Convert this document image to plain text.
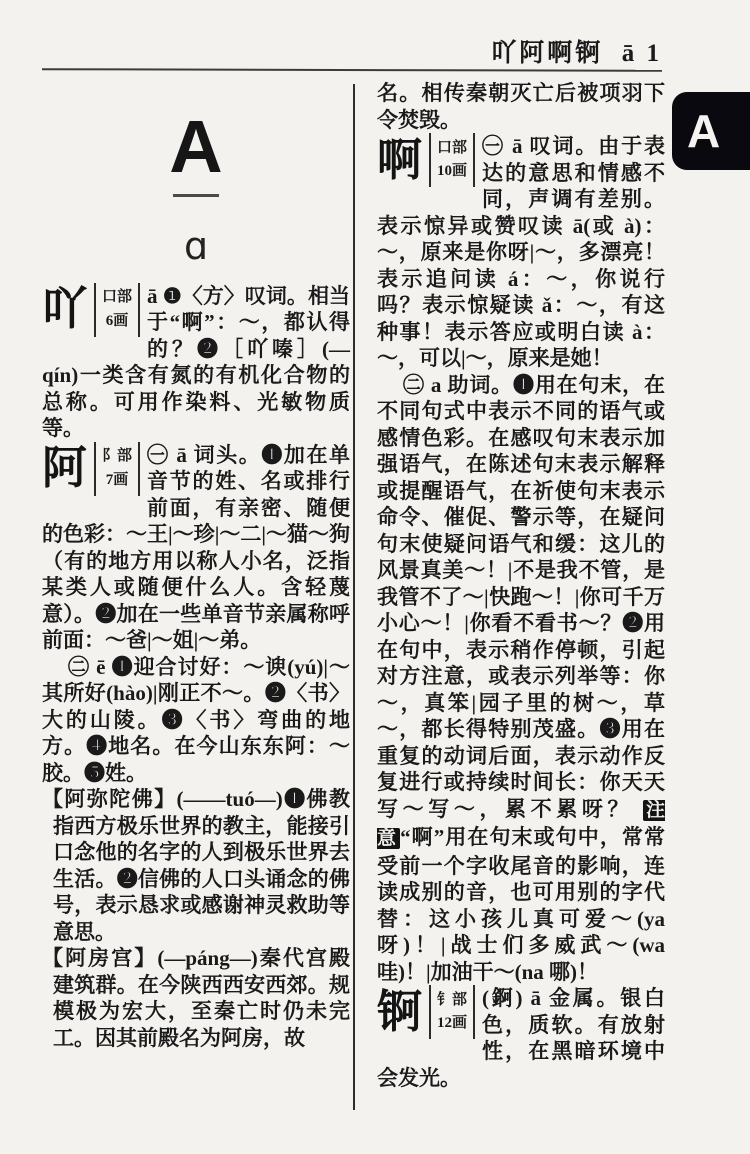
吖阿啊锕  ā 1
A
A
ɑ
吖 口部
6画

ā ❶〈方〉叹词。相当于“啊”：～，都认得的？❷［吖嗪］(—qín)一类含有氮的有机化合物的总称。可用作染料、光敏物质等。

阿 阝部
7画

㊀ ā 词头。❶加在单音节的姓、名或排行前面，有亲密、随便的色彩：～王|～珍|～二|～猫～狗（有的地方用以称人小名，泛指某类人或随便什么人。含轻蔑意）。❷加在一些单音节亲属称呼前面：～爸|～姐|～弟。

㊁ ē ❶迎合讨好：～谀(yú)|～其所好(hào)|刚正不～。❷〈书〉大的山陵。❸〈书〉弯曲的地方。❹地名。在今山东东阿：～胶。❺姓。

【阿弥陀佛】(——tuó—)❶佛教指西方极乐世界的教主，能接引口念他的名字的人到极乐世界去生活。❷信佛的人口头诵念的佛号，表示恳求或感谢神灵救助等意思。

【阿房宫】(—páng—)秦代宫殿建筑群。在今陕西西安西郊。规模极为宏大，至秦亡时仍未完工。因其前殿名为阿房，故

名。相传秦朝灭亡后被项羽下令焚毁。

啊 口部
10画

㊀ ā 叹词。由于表达的意思和情感不同，声调有差别。表示惊异或赞叹读 ā(或 à)：～，原来是你呀|～，多漂亮！表示追问读 á：～，你说行吗？表示惊疑读 ǎ：～，有这种事！表示答应或明白读 à：～，可以|～，原来是她！

㊁ a 助词。❶用在句末，在不同句式中表示不同的语气或感情色彩。在感叹句末表示加强语气，在陈述句末表示解释或提醒语气，在祈使句末表示命令、催促、警示等，在疑问句末使疑问语气和缓：这儿的风景真美～！|不是我不管，是我管不了～|快跑～！|你可千万小心～！|你看不看书～？❷用在句中，表示稍作停顿，引起对方注意，或表示列举等：你～，真笨|园子里的树～，草～，都长得特别茂盛。❸用在重复的动词后面，表示动作反复进行或持续时间长：你天天写～写～，累不累呀？ 注意 “啊”用在句末或句中，常常受前一个字收尾音的影响，连读成别的音，也可用别的字代替：这小孩儿真可爱～(ya 呀)！|战士们多威武～(wa 哇)！|加油干～(na 哪)！

锕 钅部
12画

(錒) ā 金属。银白色，质软。有放射性，在黑暗环境中会发光。
